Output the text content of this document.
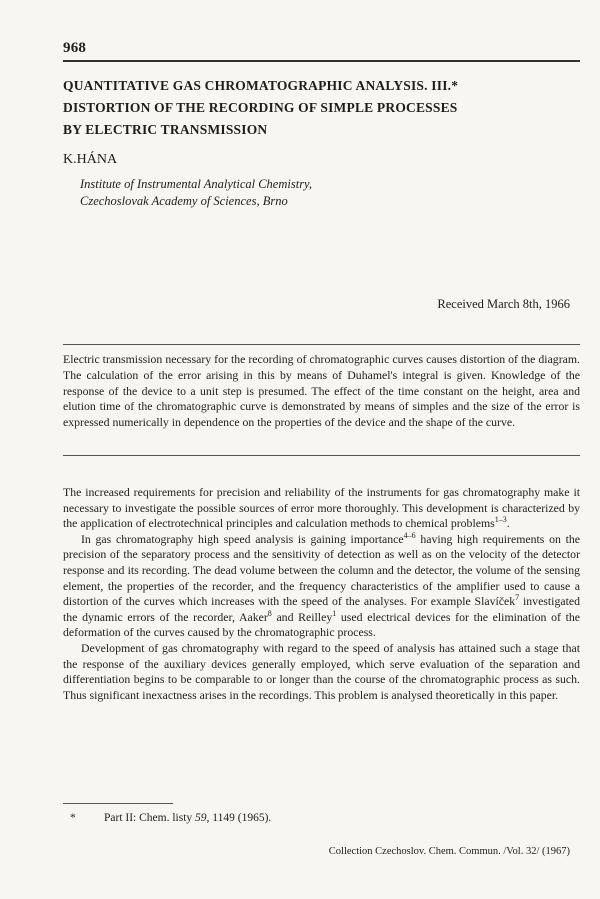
968
QUANTITATIVE GAS CHROMATOGRAPHIC ANALYSIS. III.*
DISTORTION OF THE RECORDING OF SIMPLE PROCESSES
BY ELECTRIC TRANSMISSION
K.HÁNA
Institute of Instrumental Analytical Chemistry,
Czechoslovak Academy of Sciences, Brno
Received March 8th, 1966
Electric transmission necessary for the recording of chromatographic curves causes distortion of the diagram. The calculation of the error arising in this by means of Duhamel's integral is given. Knowledge of the response of the device to a unit step is presumed. The effect of the time constant on the height, area and elution time of the chromatographic curve is demonstrated by means of simples and the size of the error is expressed numerically in dependence on the properties of the device and the shape of the curve.

The increased requirements for precision and reliability of the instruments for gas chromatography make it necessary to investigate the possible sources of error more thoroughly. This development is characterized by the application of electrotechnical principles and calculation methods to chemical problems$^{1-3}$.

In gas chromatography high speed analysis is gaining importance$^{4-6}$ having high requirements on the precision of the separatory process and the sensitivity of detection as well as on the velocity of the detector response and its recording. The dead volume between the column and the detector, the volume of the sensing element, the properties of the recorder, and the frequency characteristics of the amplifier used to cause a distortion of the curves which increases with the speed of the analyses. For example Slavíček$^7$ investigated the dynamic errors of the recorder, Aaker$^8$ and Reilley$^1$ used electrical devices for the elimination of the deformation of the curves caused by the chromatographic process.

Development of gas chromatography with regard to the speed of analysis has attained such a stage that the response of the auxiliary devices generally employed, which serve evaluation of the separation and differentiation begins to be comparable to or longer than the course of the chromatographic process as such. Thus significant inexactness arises in the recordings. This problem is analysed theoretically in this paper.

* Part II: Chem. listy 59, 1149 (1965).
Collection Czechoslov. Chem. Commun. /Vol. 32/ (1967)
